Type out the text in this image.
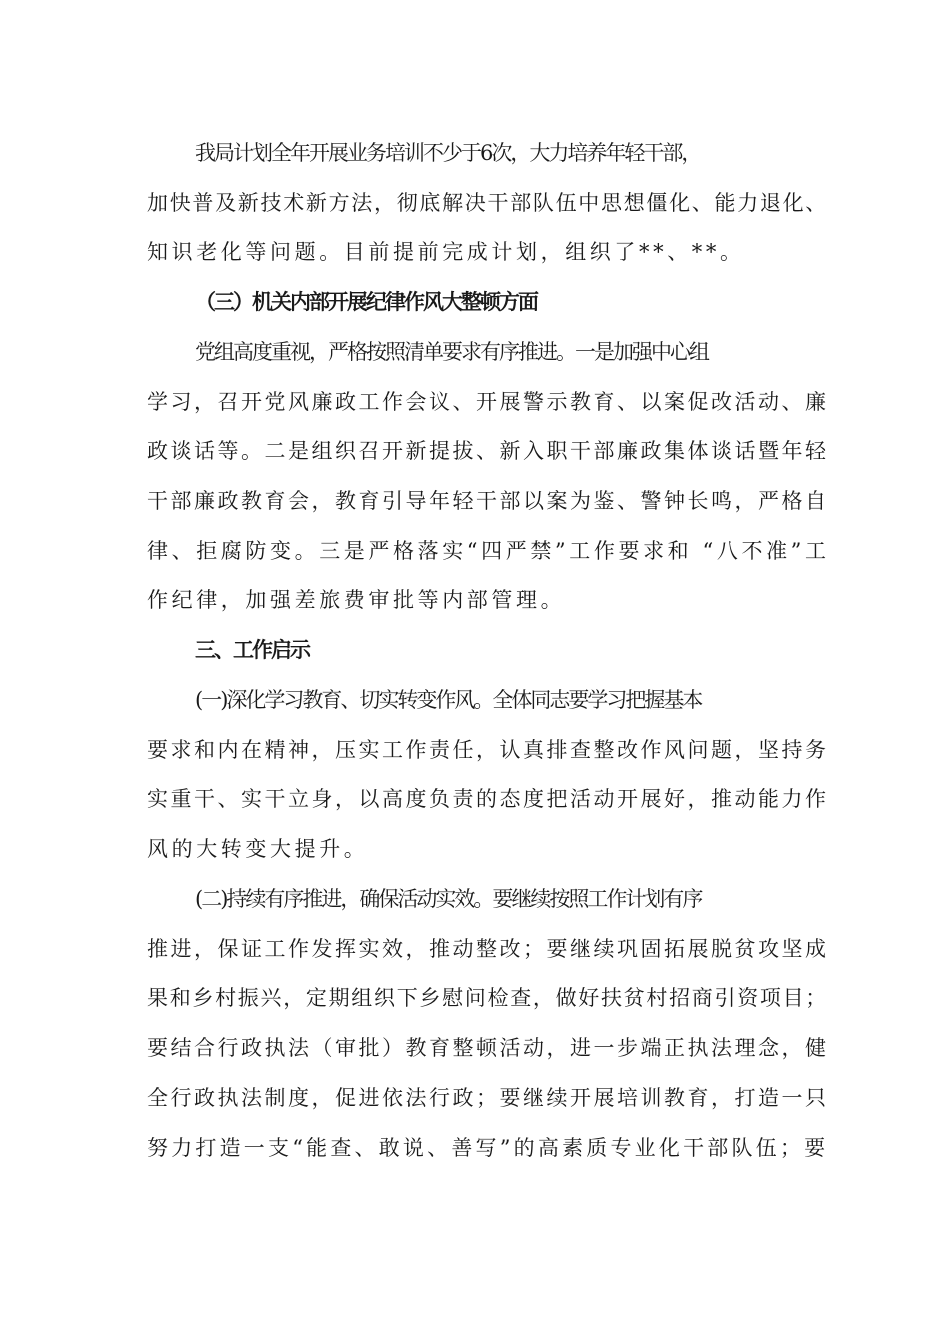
我局计划全年开展业务培训不少于6次，大力培养年轻干部，
加快普及新技术新方法，彻底解决干部队伍中思想僵化、能力退化、
知识老化等问题。目前提前完成计划，组织了**、**。
（三）机关内部开展纪律作风大整顿方面
党组高度重视，严格按照清单要求有序推进。一是加强中心组
学习，召开党风廉政工作会议、开展警示教育、以案促改活动、廉
政谈话等。二是组织召开新提拔、新入职干部廉政集体谈话暨年轻
干部廉政教育会，教育引导年轻干部以案为鉴、警钟长鸣，严格自
律、拒腐防变。三是严格落实“四严禁”工作要求和 “八不准”工
作纪律，加强差旅费审批等内部管理。
三、工作启示
(一)深化学习教育、切实转变作风。全体同志要学习把握基本
要求和内在精神，压实工作责任，认真排查整改作风问题，坚持务
实重干、实干立身，以高度负责的态度把活动开展好，推动能力作
风的大转变大提升。
(二)持续有序推进，确保活动实效。要继续按照工作计划有序
推进，保证工作发挥实效，推动整改；要继续巩固拓展脱贫攻坚成
果和乡村振兴，定期组织下乡慰问检查，做好扶贫村招商引资项目；
要结合行政执法（审批）教育整顿活动，进一步端正执法理念，健
全行政执法制度，促进依法行政；要继续开展培训教育，打造一只
努力打造一支“能查、敢说、善写”的高素质专业化干部队伍；要
